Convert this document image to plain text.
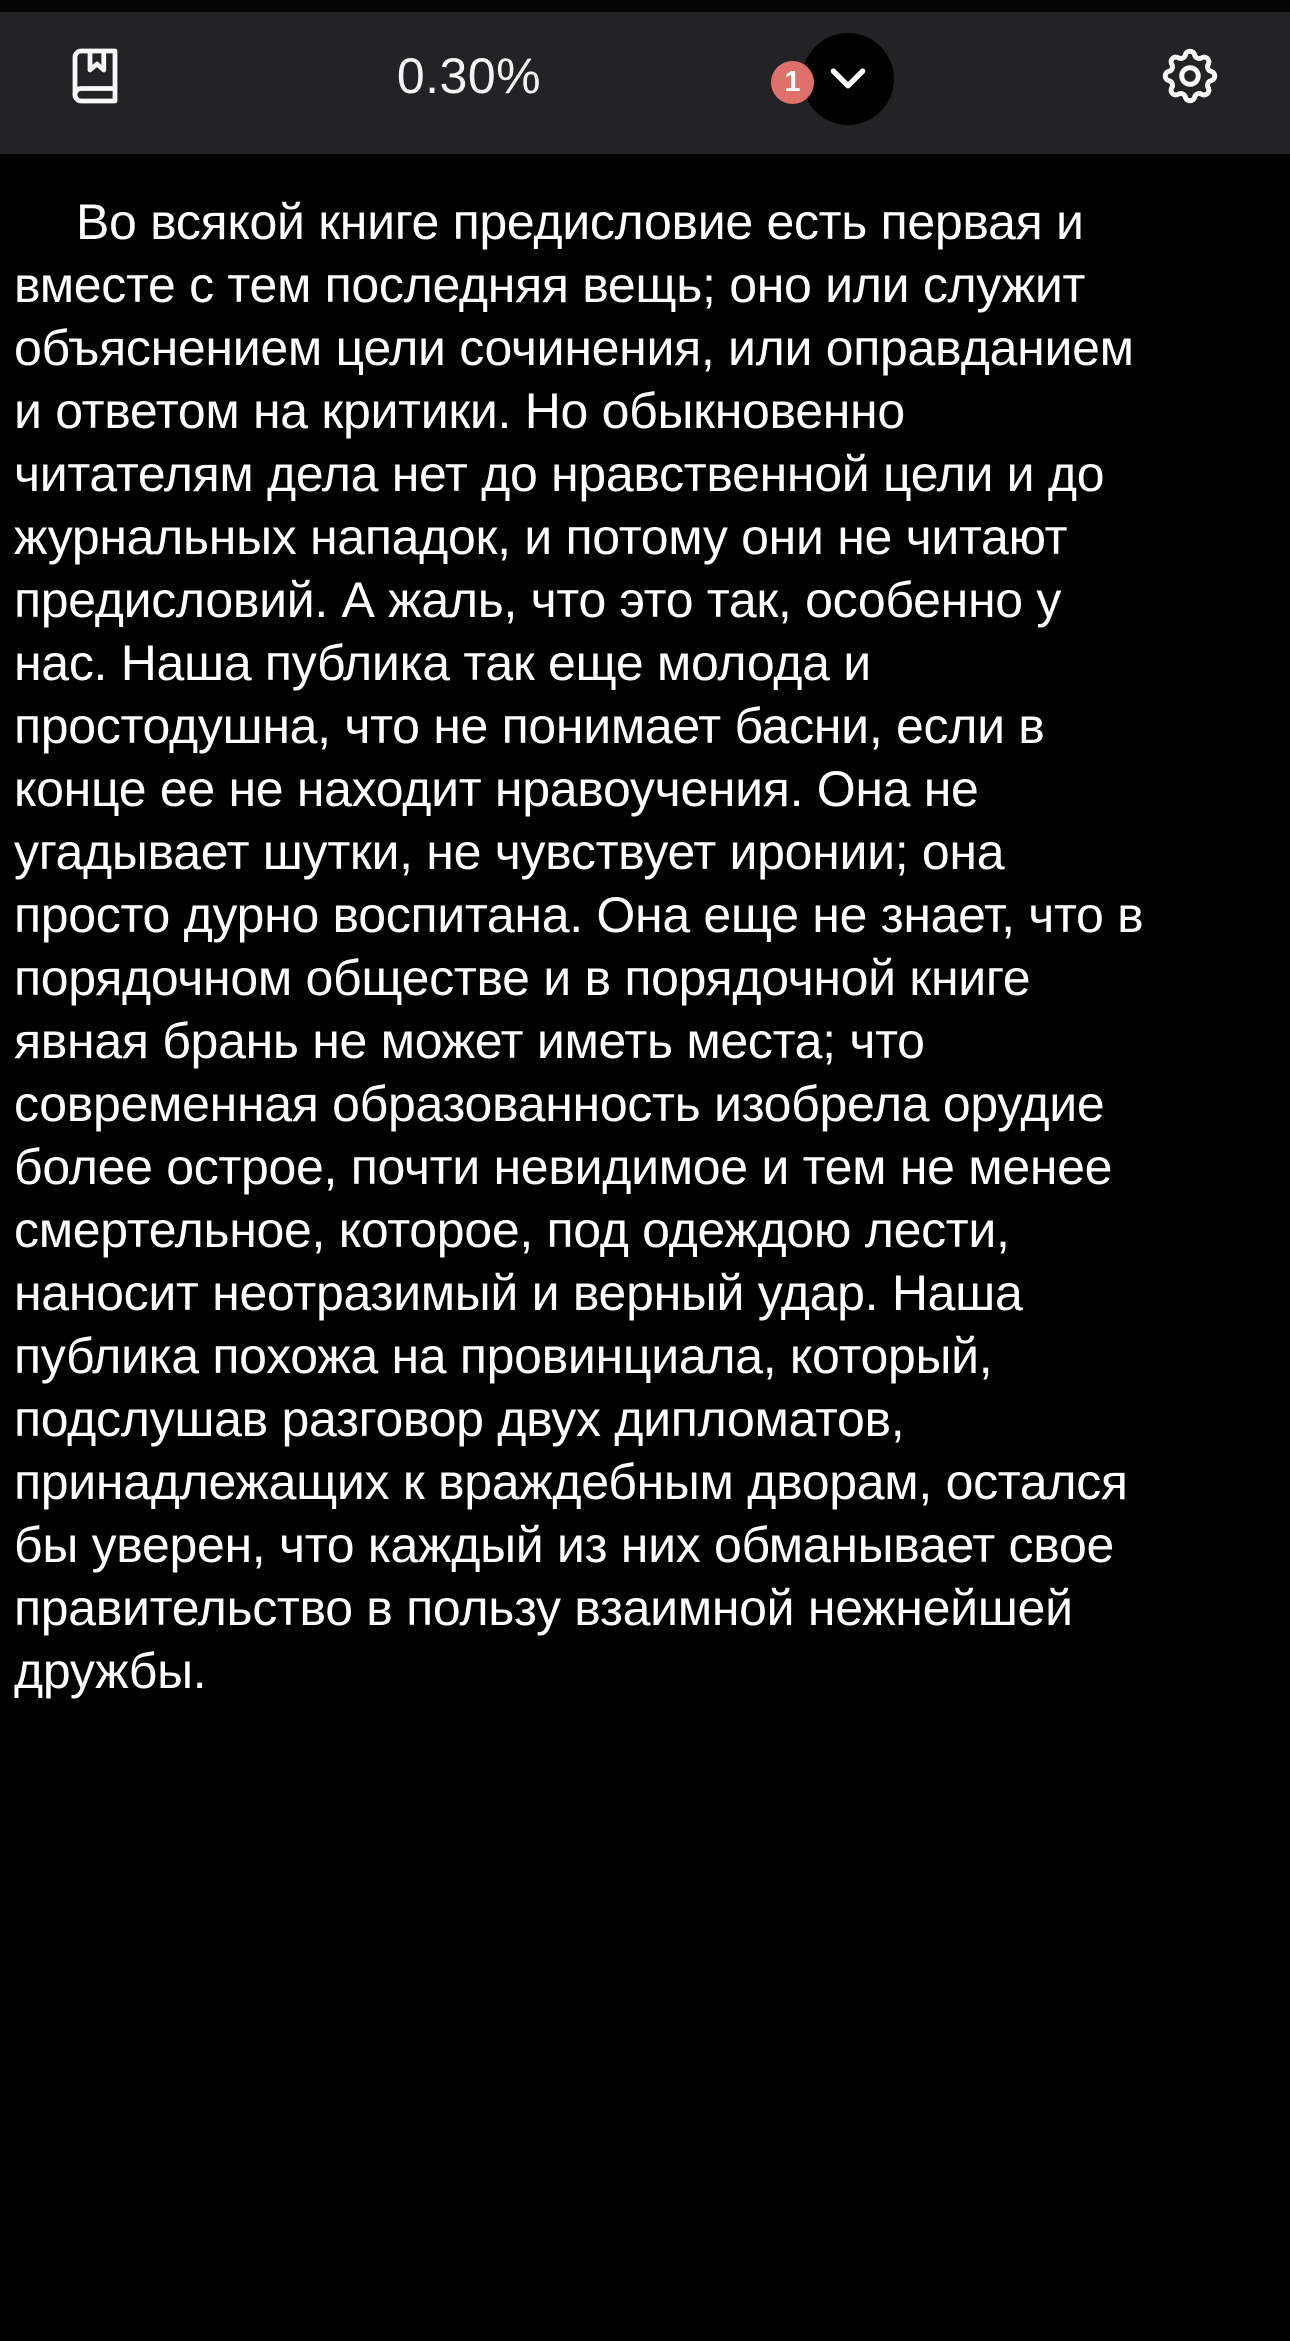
0.30%	1
Во всякой книге предисловие есть первая и
вместе с тем последняя вещь; оно или служит
объяснением цели сочинения, или оправданием
и ответом на критики. Но обыкновенно
читателям дела нет до нравственной цели и до
журнальных нападок, и потому они не читают
предисловий. А жаль, что это так, особенно у
нас. Наша публика так еще молода и
простодушна, что не понимает басни, если в
конце ее не находит нравоучения. Она не
угадывает шутки, не чувствует иронии; она
просто дурно воспитана. Она еще не знает, что в
порядочном обществе и в порядочной книге
явная брань не может иметь места; что
современная образованность изобрела орудие
более острое, почти невидимое и тем не менее
смертельное, которое, под одеждою лести,
наносит неотразимый и верный удар. Наша
публика похожа на провинциала, который,
подслушав разговор двух дипломатов,
принадлежащих к враждебным дворам, остался
бы уверен, что каждый из них обманывает свое
правительство в пользу взаимной нежнейшей
дружбы.
